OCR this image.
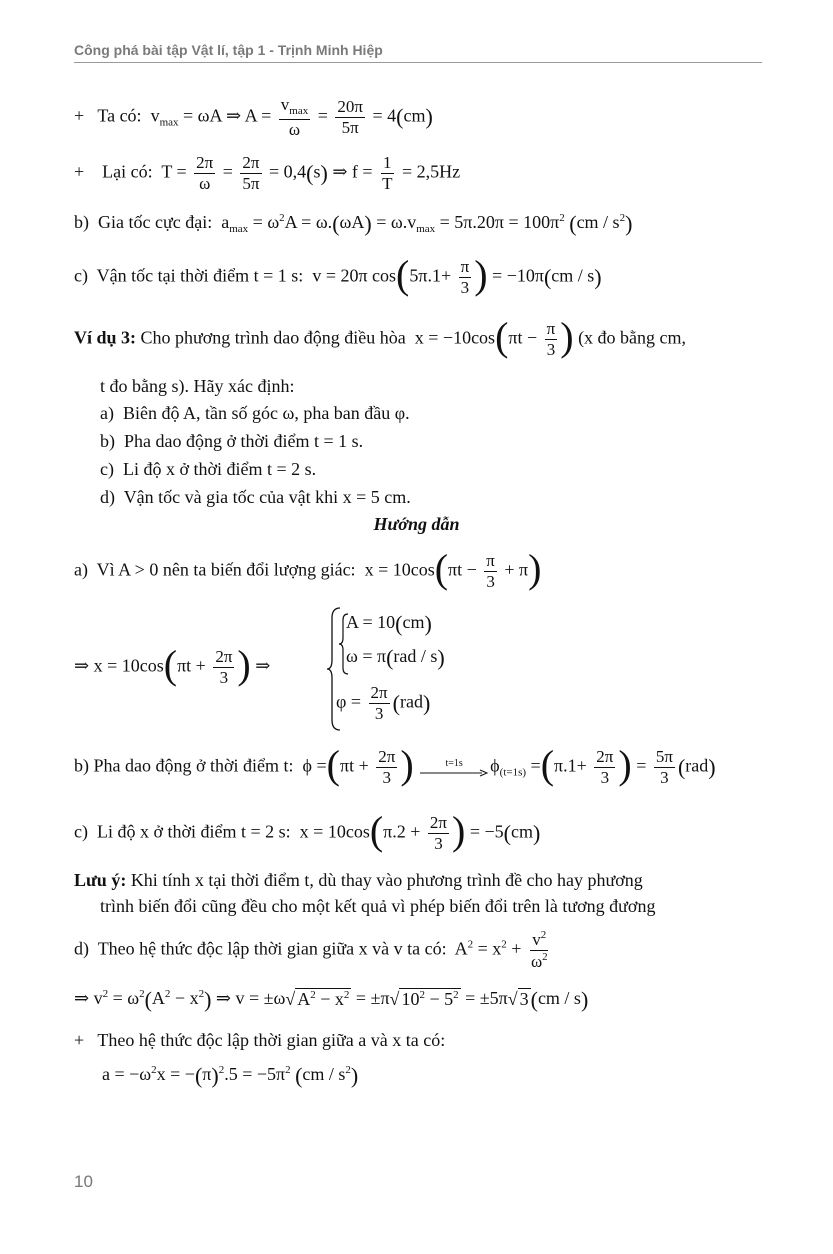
Công phá bài tập Vật lí, tập 1 - Trịnh Minh Hiệp
+ Ta có: $v_{max} = \omega A$ ⇒ $A = \frac{v_{max}}{\omega} = \frac{20\pi}{5\pi} = 4(cm)$
+ Lại có: $T = \frac{2\pi}{\omega} = \frac{2\pi}{5\pi} = 0,4(s)$ ⇒ $f = \frac{1}{T} = 2,5Hz$
b) Gia tốc cực đại: $a_{max} = \omega^2A = \omega.(\omega A) = \omega.v_{max} = 5\pi.20\pi = 100\pi^2$ $(cm / s^2)$
c) Vận tốc tại thời điểm t = 1 s: v = 20π $\cos(5\pi.1+ \frac{\pi}{3}$ ) = −10π(cm / s)
Ví dụ 3: Cho phương trình dao động điều hòa $x = -10\cos(\pi t - \frac{\pi}{3}$ ) (x đo bằng cm,
t đo bằng s). Hãy xác định:
a) Biên độ A, tần số góc ω, pha ban đầu φ.
b) Pha dao động ở thời điểm t = 1 s.
c) Li độ x ở thời điểm t = 2 s.
d) Vận tốc và gia tốc của vật khi x = 5 cm.
Hướng dẫn
a) Vì A > 0 nên ta biến đổi lượng giác: $x = 10\cos(\pi t - \frac{\pi}{3} + \pi)$
⇒ $x = 10\cos(\pi t + \frac{2\pi}{3}$ ) ⇒
A = 10(cm)
ω = π(rad / s)
$\varphi = \frac{2\pi}{3} (rad)$
b) Pha dao động ở thời điểm t: $\phi =(\pi t + \frac{2\pi}{3}$ )	t=1s $\phi_{(t=1s)} =(\pi.1+ \frac{2\pi}{3}$ ) = $\frac{5\pi}{3} (rad)$
c) Li độ x ở thời điểm t = 2 s: $x = 10\cos(\pi.2 + \frac{2\pi}{3}$ ) = −5(cm)
Lưu ý: Khi tính x tại thời điểm t, dù thay vào phương trình đề cho hay phương
trình biến đổi cũng đều cho một kết quả vì phép biến đổi trên là tương đương
d) Theo hệ thức độc lập thời gian giữa x và v ta có: $A^2 = x^2 + \frac{v^2}{\omega^2}$
⇒ $v^2 = \omega^2(A^2 - x^2)$ ⇒ v = ±ω√ $A^2 - x^2 = \pm\pi√$ $10^2 - 5^2 = \pm 5\pi√$ 3(cm / s)
+ Theo hệ thức độc lập thời gian giữa a và x ta có:
$a = -\omega^2x = -(\pi)^2.5 = -5\pi^2$ $(cm / s^2)$
10
